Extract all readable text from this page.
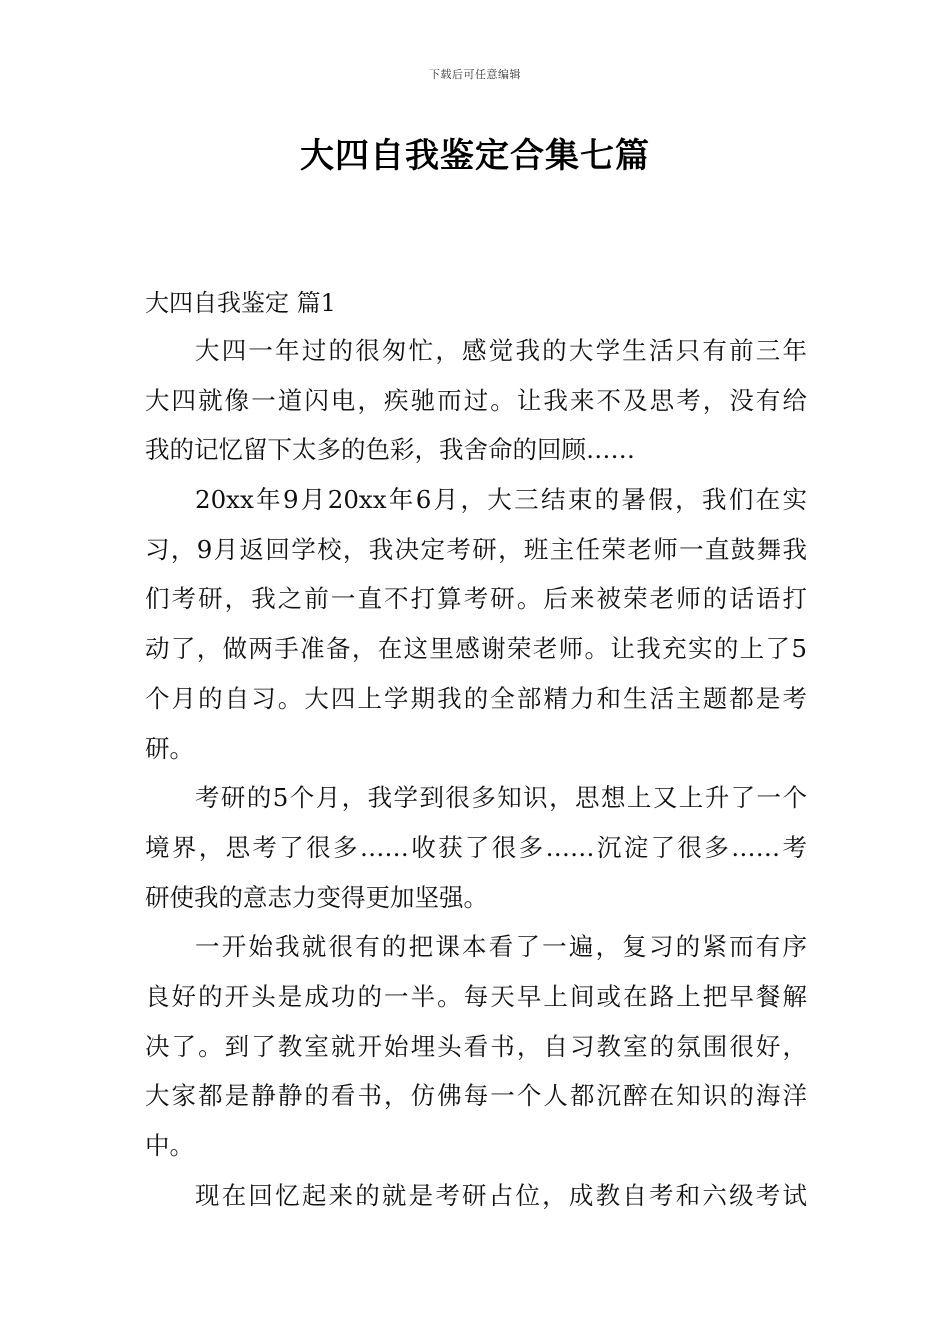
下载后可任意编辑
大四自我鉴定合集七篇

大四自我鉴定 篇1

大四一年过的很匆忙，感觉我的大学生活只有前三年
大四就像一道闪电，疾驰而过。让我来不及思考，没有给
我的记忆留下太多的色彩，我舍命的回顾……
20xx年9月20xx年6月，大三结束的暑假，我们在实
习，9月返回学校，我决定考研，班主任荣老师一直鼓舞我
们考研，我之前一直不打算考研。后来被荣老师的话语打
动了，做两手准备，在这里感谢荣老师。让我充实的上了5
个月的自习。大四上学期我的全部精力和生活主题都是考
研。
考研的5个月，我学到很多知识，思想上又上升了一个
境界，思考了很多……收获了很多……沉淀了很多……考
研使我的意志力变得更加坚强。
一开始我就很有的把课本看了一遍，复习的紧而有序
良好的开头是成功的一半。每天早上间或在路上把早餐解
决了。到了教室就开始埋头看书，自习教室的氛围很好，
大家都是静静的看书，仿佛每一个人都沉醉在知识的海洋
中。
现在回忆起来的就是考研占位，成教自考和六级考试
